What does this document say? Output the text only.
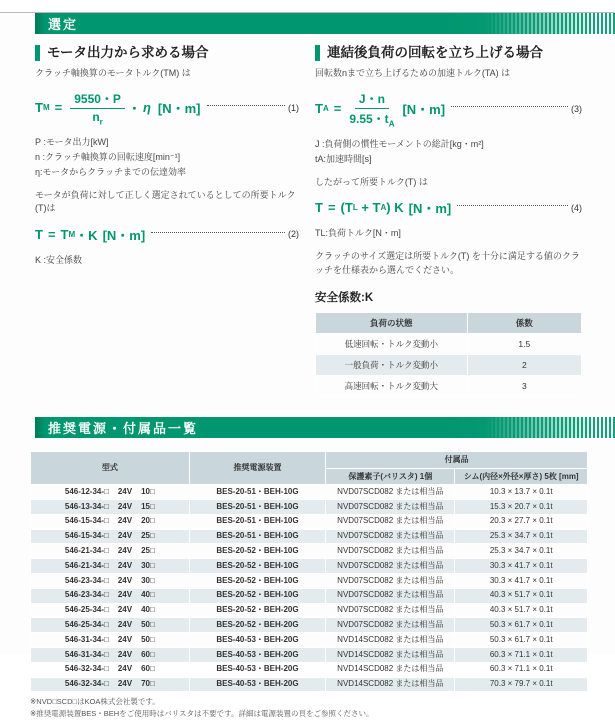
選定
モータ出力から求める場合
クラッチ軸換算のモータトルク(TM) は
T $M = \frac{9550・P}{n_r}$ ・ η [N・m]	(1)
P :モータ出力[kW]
n :クラッチ軸換算の回転速度[min⁻¹]
η:モータからクラッチまでの伝達効率
モータが負荷に対して正しく選定されているとしての所要トルク(T)は
T = T M ・K [N・m]	(2)
K :安全係数
連結後負荷の回転を立ち上げる場合
回転数nまで立ち上げるための加速トルク(TA) は
T $A = \frac{J・n}{9.55・t_A} [N$・m]	(3)
J :負荷側の慣性モーメントの総計[kg・m²]
tA:加速時間[s]
したがって所要トルク(T) は
T = (T L + T A ) K [N・m]	(4)
TL:負荷トルク[N・m]
クラッチのサイズ選定は所要トルク(T) を十分に満足する値のクラッチを仕様表から選んでください。
安全係数:K
負荷の状態	係数
低速回転・トルク変動小	1.5
一般負荷・トルク変動小	2
高速回転・トルク変動大	3
推奨電源・付属品一覧
型式	推奨電源装置	付属品	
		保護素子(バリスタ) 1個	シム(内径×外径×厚さ) 5枚 [mm]

546-12-34-□ 24V 10□	BES-20-51・BEH-10G	NVD07SCD082 または相当品	10.3 × 13.7 × 0.1t

546-13-34-□ 24V 15□	BES-20-51・BEH-10G	NVD07SCD082 または相当品	15.3 × 20.7 × 0.1t

546-15-34-□ 24V 20□	BES-20-51・BEH-10G	NVD07SCD082 または相当品	20.3 × 27.7 × 0.1t

546-15-34-□ 24V 25□	BES-20-51・BEH-10G	NVD07SCD082 または相当品	25.3 × 34.7 × 0.1t

546-21-34-□ 24V 25□	BES-20-52・BEH-10G	NVD07SCD082 または相当品	25.3 × 34.7 × 0.1t

546-21-34-□ 24V 30□	BES-20-52・BEH-10G	NVD07SCD082 または相当品	30.3 × 41.7 × 0.1t

546-23-34-□ 24V 30□	BES-20-52・BEH-10G	NVD07SCD082 または相当品	30.3 × 41.7 × 0.1t

546-23-34-□ 24V 40□	BES-20-52・BEH-10G	NVD07SCD082 または相当品	40.3 × 51.7 × 0.1t

546-25-34-□ 24V 40□	BES-20-52・BEH-20G	NVD07SCD082 または相当品	40.3 × 51.7 × 0.1t

546-25-34-□ 24V 50□	BES-20-52・BEH-20G	NVD07SCD082 または相当品	50.3 × 61.7 × 0.1t

546-31-34-□ 24V 50□	BES-40-53・BEH-20G	NVD14SCD082 または相当品	50.3 × 61.7 × 0.1t

546-31-34-□ 24V 60□	BES-40-53・BEH-20G	NVD14SCD082 または相当品	60.3 × 71.1 × 0.1t

546-32-34-□ 24V 60□	BES-40-53・BEH-20G	NVD14SCD082 または相当品	60.3 × 71.1 × 0.1t

546-32-34-□ 24V 70□	BES-40-53・BEH-20G	NVD14SCD082 または相当品	70.3 × 79.7 × 0.1t
※NVD□SCD□はKOA株式会社製です。
※推奨電源装置BES・BEHをご使用時はバリスタは不要です。詳細は電源装置の頁をご参照ください。
